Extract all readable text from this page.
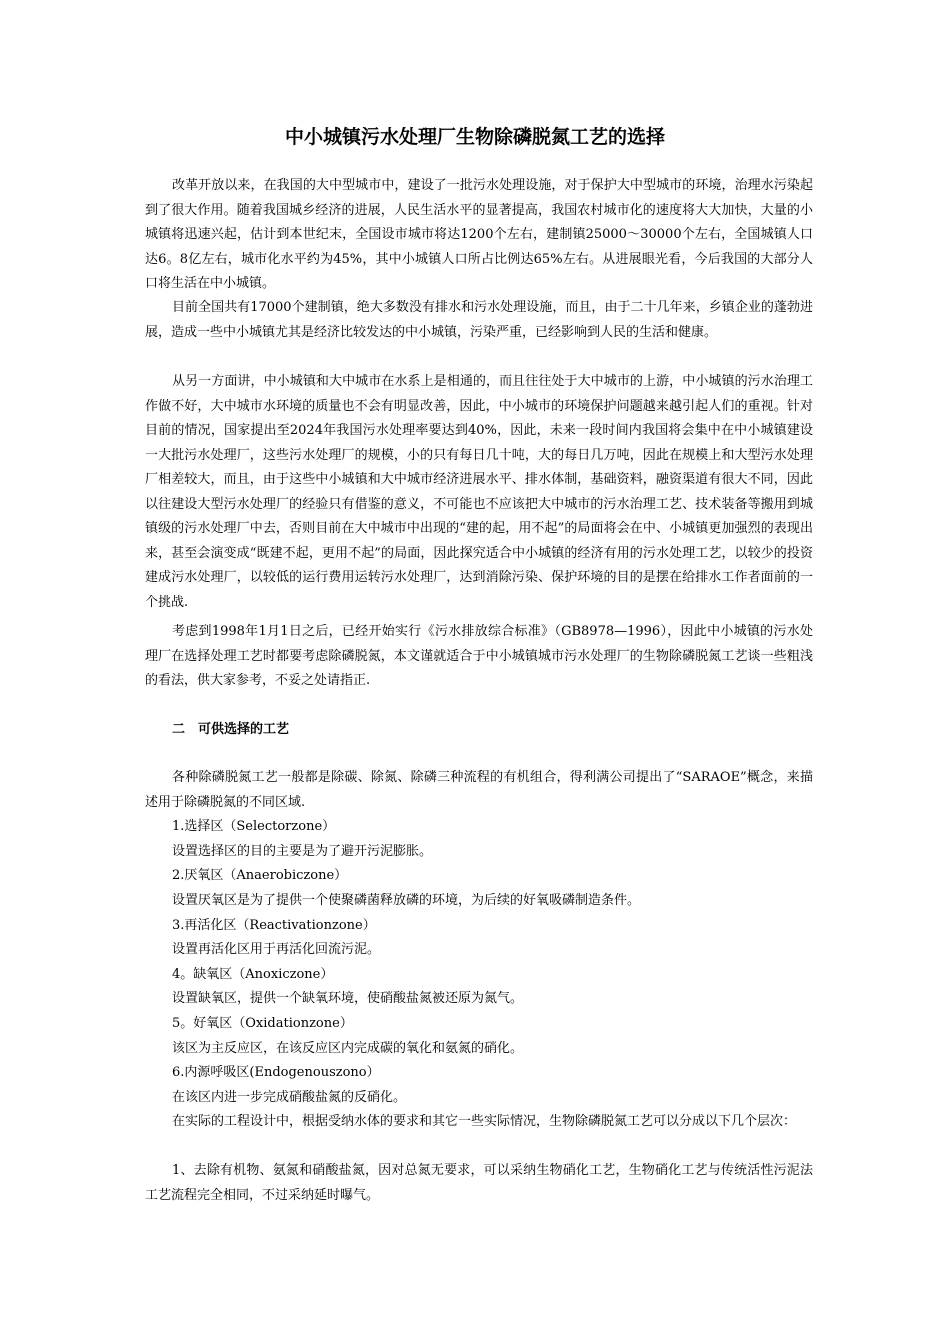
中小城镇污水处理厂生物除磷脱氮工艺的选择

改革开放以来，在我国的大中型城市中，建设了一批污水处理设施，对于保护大中型城市的环境，治理水污染起到了很大作用。随着我国城乡经济的进展，人民生活水平的显著提高，我国农村城市化的速度将大大加快，大量的小城镇将迅速兴起，估计到本世纪末，全国设市城市将达1200个左右，建制镇25000～30000个左右，全国城镇人口达6。8亿左右，城市化水平约为45%，其中小城镇人口所占比例达65%左右。从进展眼光看，今后我国的大部分人口将生活在中小城镇。

目前全国共有17000个建制镇，绝大多数没有排水和污水处理设施，而且，由于二十几年来，乡镇企业的蓬勃进展，造成一些中小城镇尤其是经济比较发达的中小城镇，污染严重，已经影响到人民的生活和健康。

从另一方面讲，中小城镇和大中城市在水系上是相通的，而且往往处于大中城市的上游，中小城镇的污水治理工作做不好，大中城市水环境的质量也不会有明显改善，因此，中小城市的环境保护问题越来越引起人们的重视。针对目前的情况，国家提出至2024年我国污水处理率要达到40%，因此，未来一段时间内我国将会集中在中小城镇建设一大批污水处理厂，这些污水处理厂的规模，小的只有每日几十吨，大的每日几万吨，因此在规模上和大型污水处理厂相差较大，而且，由于这些中小城镇和大中城市经济进展水平、排水体制，基础资料，融资渠道有很大不同，因此以往建设大型污水处理厂的经验只有借鉴的意义，不可能也不应该把大中城市的污水治理工艺、技术装备等搬用到城镇级的污水处理厂中去，否则目前在大中城市中出现的“建的起，用不起”的局面将会在中、小城镇更加强烈的表现出来，甚至会演变成“既建不起，更用不起”的局面，因此探究适合中小城镇的经济有用的污水处理工艺，以较少的投资建成污水处理厂，以较低的运行费用运转污水处理厂，达到消除污染、保护环境的目的是摆在给排水工作者面前的一个挑战.

考虑到1998年1月1日之后，已经开始实行《污水排放综合标准》（GB8978—1996），因此中小城镇的污水处理厂在选择处理工艺时都要考虑除磷脱氮，本文谨就适合于中小城镇城市污水处理厂的生物除磷脱氮工艺谈一些粗浅的看法，供大家参考，不妥之处请指正.

二　可供选择的工艺

各种除磷脱氮工艺一般都是除碳、除氮、除磷三种流程的有机组合，得利满公司提出了“SARAOE”概念，来描述用于除磷脱氮的不同区域.

1.选择区（Selectorzone）

设置选择区的目的主要是为了避开污泥膨胀。

2.厌氧区（Anaerobiczone）

设置厌氧区是为了提供一个使聚磷菌释放磷的环境，为后续的好氧吸磷制造条件。

3.再活化区（Reactivationzone）

设置再活化区用于再活化回流污泥。

4。缺氧区（Anoxiczone）

设置缺氧区，提供一个缺氧环境，使硝酸盐氮被还原为氮气。

5。好氧区（Oxidationzone）

该区为主反应区，在该反应区内完成碳的氧化和氨氮的硝化。

6.内源呼吸区(Endogenouszono）

在该区内进一步完成硝酸盐氮的反硝化。

在实际的工程设计中，根据受纳水体的要求和其它一些实际情况，生物除磷脱氮工艺可以分成以下几个层次：

1、去除有机物、氨氮和硝酸盐氮，因对总氮无要求，可以采纳生物硝化工艺，生物硝化工艺与传统活性污泥法工艺流程完全相同，不过采纳延时曝气。
